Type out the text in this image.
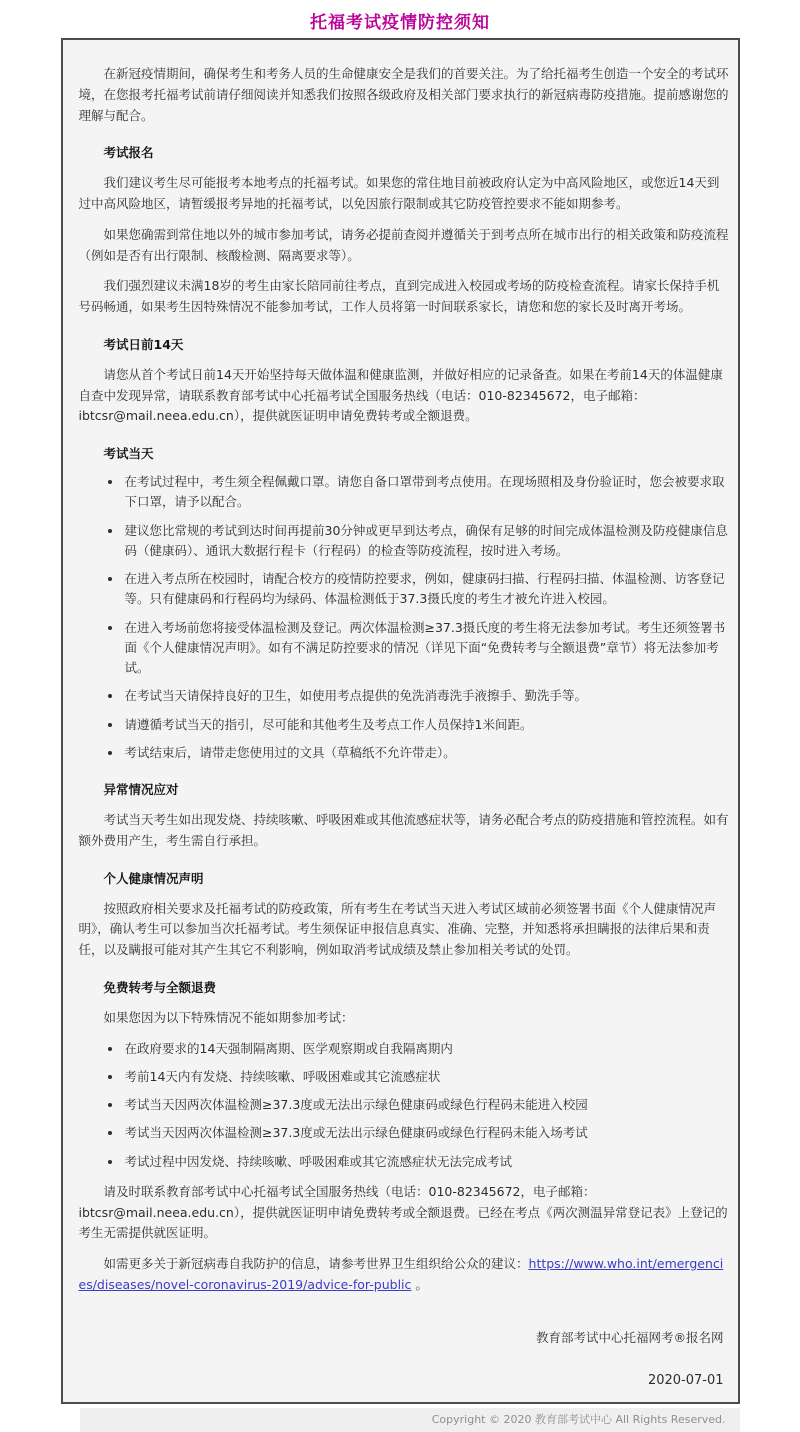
托福考试疫情防控须知

在新冠疫情期间，确保考生和考务人员的生命健康安全是我们的首要关注。为了给托福考生创造一个安全的考试环境，在您报考托福考试前请仔细阅读并知悉我们按照各级政府及相关部门要求执行的新冠病毒防疫措施。提前感谢您的理解与配合。

考试报名

我们建议考生尽可能报考本地考点的托福考试。如果您的常住地目前被政府认定为中高风险地区，或您近14天到过中高风险地区，请暂缓报考异地的托福考试，以免因旅行限制或其它防疫管控要求不能如期参考。

如果您确需到常住地以外的城市参加考试，请务必提前查阅并遵循关于到考点所在城市出行的相关政策和防疫流程（例如是否有出行限制、核酸检测、隔离要求等）。

我们强烈建议未满18岁的考生由家长陪同前往考点，直到完成进入校园或考场的防疫检查流程。请家长保持手机号码畅通，如果考生因特殊情况不能参加考试，工作人员将第一时间联系家长，请您和您的家长及时离开考场。

考试日前14天

请您从首个考试日前14天开始坚持每天做体温和健康监测，并做好相应的记录备查。如果在考前14天的体温健康自查中发现异常，请联系教育部考试中心托福考试全国服务热线（电话：010-82345672，电子邮箱：ibtcsr@mail.neea.edu.cn），提供就医证明申请免费转考或全额退费。

考试当天
• 在考试过程中，考生须全程佩戴口罩。请您自备口罩带到考点使用。在现场照相及身份验证时，您会被要求取下口罩，请予以配合。
• 建议您比常规的考试到达时间再提前30分钟或更早到达考点，确保有足够的时间完成体温检测及防疫健康信息码（健康码）、通讯大数据行程卡（行程码）的检查等防疫流程，按时进入考场。
• 在进入考点所在校园时，请配合校方的疫情防控要求，例如，健康码扫描、行程码扫描、体温检测、访客登记等。只有健康码和行程码均为绿码、体温检测低于37.3摄氏度的考生才被允许进入校园。
• 在进入考场前您将接受体温检测及登记。两次体温检测≥37.3摄氏度的考生将无法参加考试。考生还须签署书面《个人健康情况声明》。如有不满足防控要求的情况（详见下面“免费转考与全额退费”章节）将无法参加考试。
• 在考试当天请保持良好的卫生，如使用考点提供的免洗消毒洗手液擦手、勤洗手等。
• 请遵循考试当天的指引，尽可能和其他考生及考点工作人员保持1米间距。
• 考试结束后，请带走您使用过的文具（草稿纸不允许带走）。
异常情况应对

考试当天考生如出现发烧、持续咳嗽、呼吸困难或其他流感症状等，请务必配合考点的防疫措施和管控流程。如有额外费用产生，考生需自行承担。

个人健康情况声明

按照政府相关要求及托福考试的防疫政策，所有考生在考试当天进入考试区域前必须签署书面《个人健康情况声明》，确认考生可以参加当次托福考试。考生须保证申报信息真实、准确、完整，并知悉将承担瞒报的法律后果和责任，以及瞒报可能对其产生其它不利影响，例如取消考试成绩及禁止参加相关考试的处罚。

免费转考与全额退费

如果您因为以下特殊情况不能如期参加考试：

• 在政府要求的14天强制隔离期、医学观察期或自我隔离期内
• 考前14天内有发烧、持续咳嗽、呼吸困难或其它流感症状
• 考试当天因两次体温检测≥37.3度或无法出示绿色健康码或绿色行程码未能进入校园
• 考试当天因两次体温检测≥37.3度或无法出示绿色健康码或绿色行程码未能入场考试
• 考试过程中因发烧、持续咳嗽、呼吸困难或其它流感症状无法完成考试

请及时联系教育部考试中心托福考试全国服务热线（电话：010-82345672，电子邮箱：ibtcsr@mail.neea.edu.cn），提供就医证明申请免费转考或全额退费。已经在考点《两次测温异常登记表》上登记的考生无需提供就医证明。

如需更多关于新冠病毒自我防护的信息，请参考世界卫生组织给公众的建议：https://www.who.int/emergencies/diseases/novel-coronavirus-2019/advice-for-public 。

教育部考试中心托福网考®报名网

2020-07-01

Copyright © 2020 教育部考试中心 All Rights Reserved.
